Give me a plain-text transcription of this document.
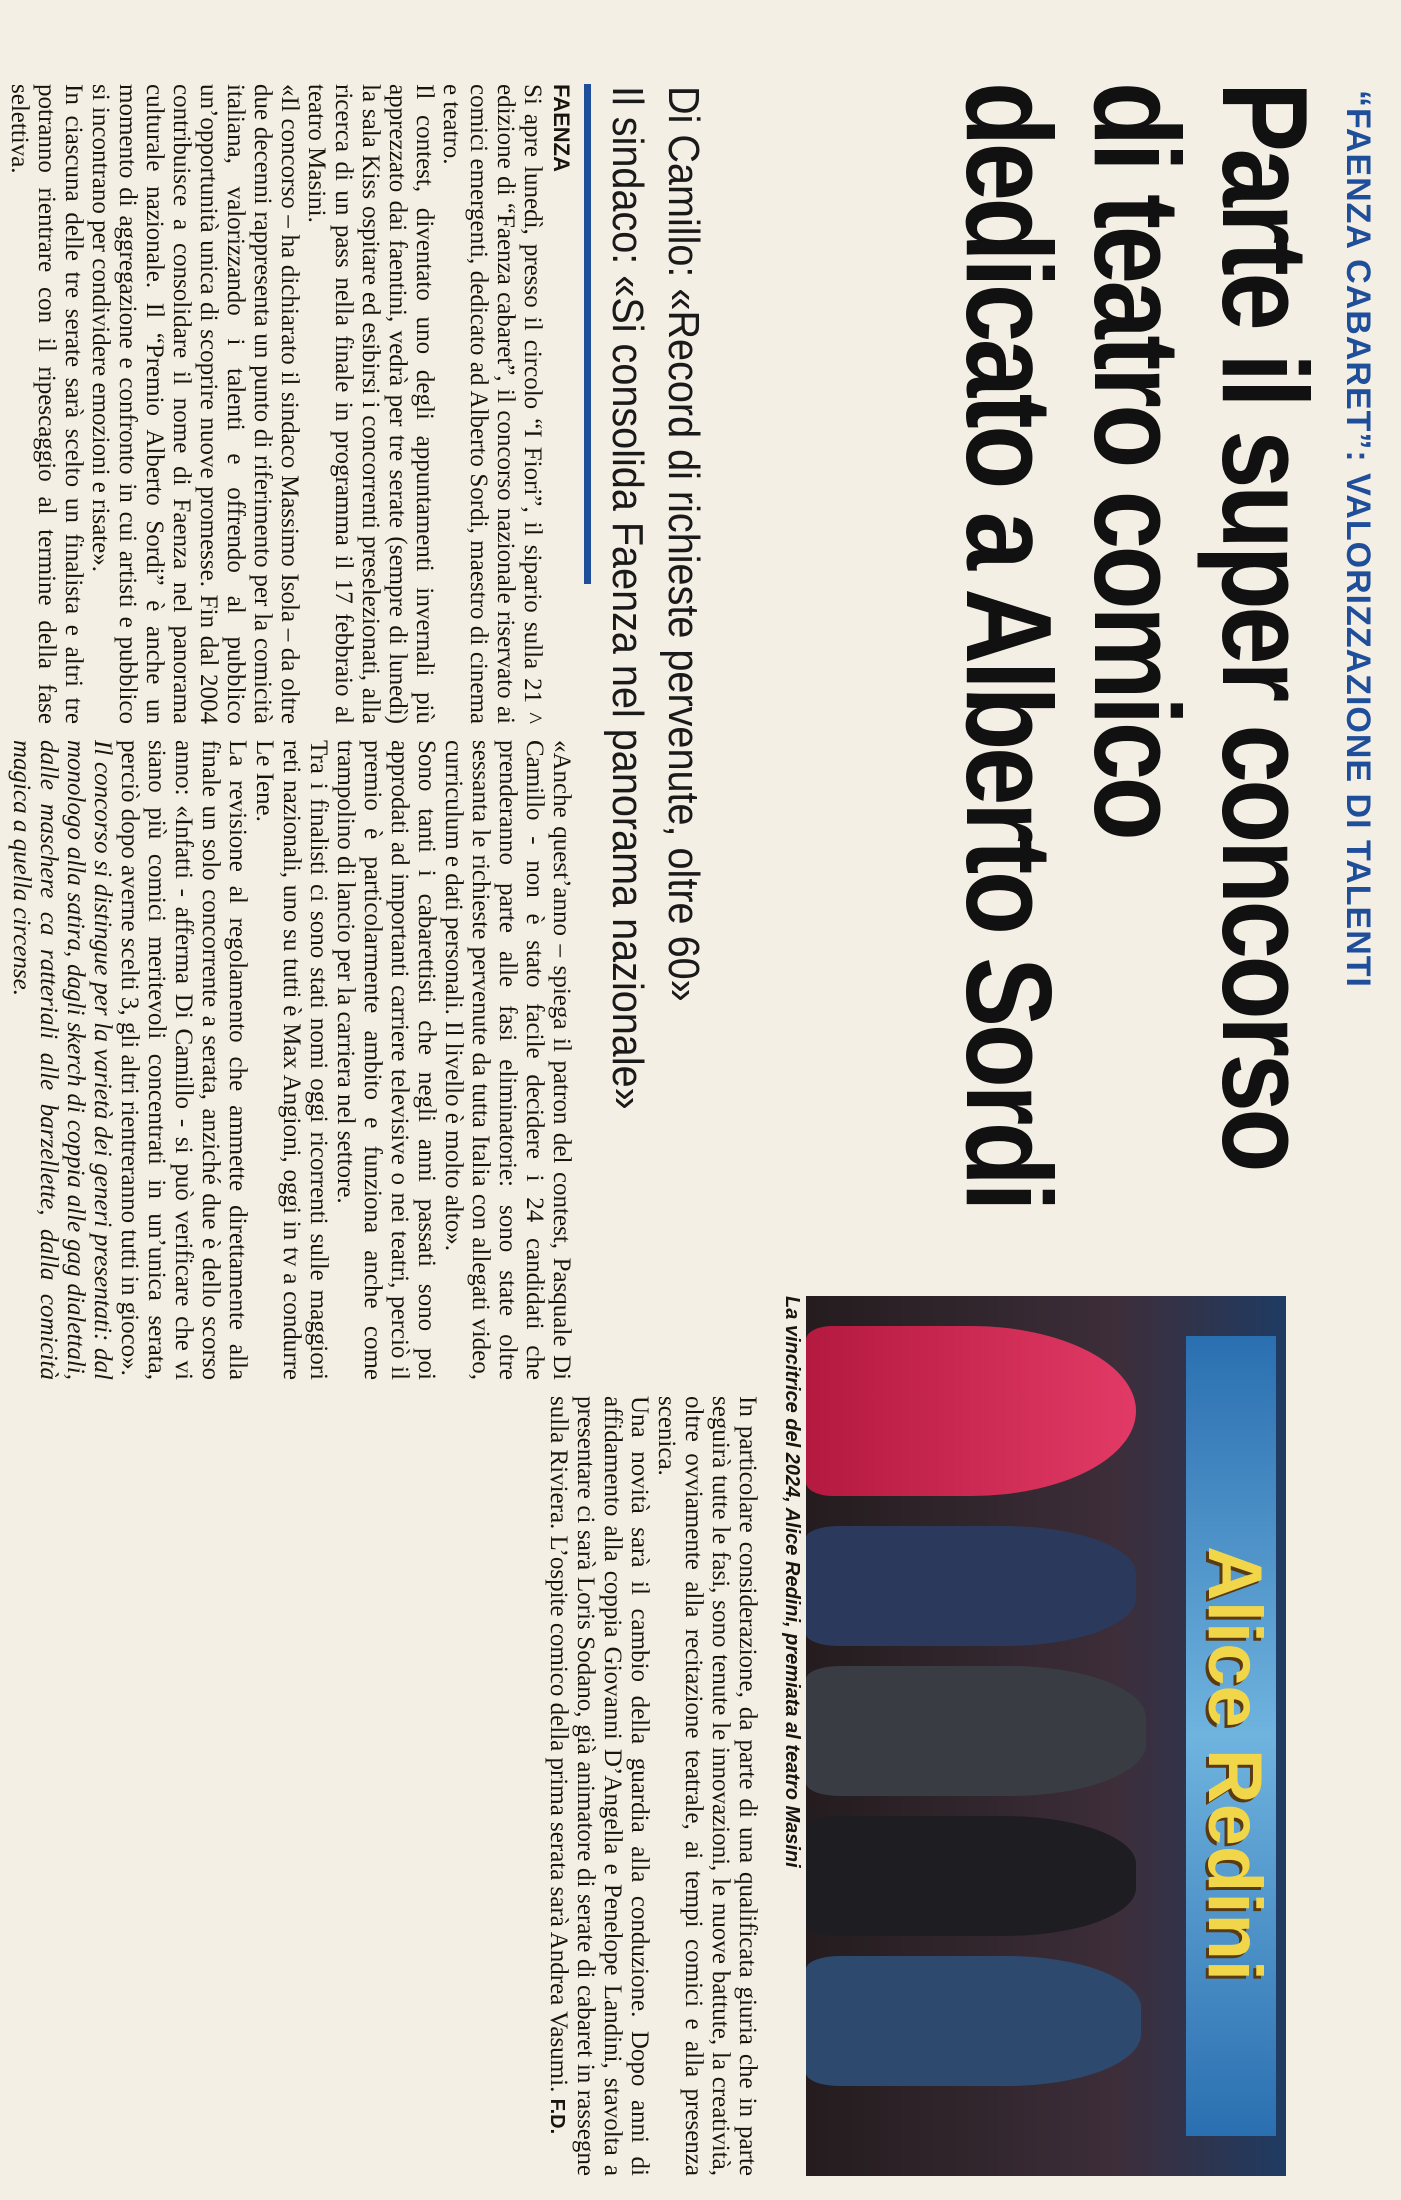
“FAENZA CABARET”: VALORIZZAZIONE DI TALENTI
Parte il super concorso
di teatro comico
dedicato a Alberto Sordi
Di Camillo: «Record di richieste pervenute, oltre 60»
Il sindaco: «Si consolida Faenza nel panorama nazionale»
FAENZA

Si apre lunedì, presso il circolo “I Fiori”, il sipario sulla 21 ^ edizione di “Faenza cabaret”, il concorso nazionale riservato ai comici emergenti, dedicato ad Alberto Sordi, maestro di cinema e teatro.

Il contest, diventato uno degli appuntamenti invernali più apprezzato dai faentini, vedrà per tre serate (sempre di lunedì) la sala Kiss ospitare ed esibirsi i concorrenti preselezionati, alla ricerca di un pass nella finale in programma il 17 febbraio al teatro Masini.

«Il concorso – ha dichiarato il sindaco Massimo Isola – da oltre due decenni rappresenta un punto di riferimento per la comicità italiana, valorizzando i talenti e offrendo al pubblico un’opportunità unica di scoprire nuove promesse. Fin dal 2004 contribuisce a consolidare il nome di Faenza nel panorama culturale nazionale. Il “Premio Alberto Sordi” è anche un momento di aggregazione e confronto in cui artisti e pubblico si incontrano per condividere emozioni e risate».

In ciascuna delle tre serate sarà scelto un finalista e altri tre potranno rientrare con il ripescaggio al termine della fase selettiva.

«Anche quest’anno – spiega il patron del contest, Pasquale Di Camillo - non è stato facile decidere i 24 candidati che prenderanno parte alle fasi eliminatorie: sono state oltre sessanta le richieste pervenute da tutta Italia con allegati video, curriculum e dati personali. Il livello è molto alto».

Sono tanti i cabarettisti che negli anni passati sono poi approdati ad importanti carriere televisive o nei teatri, perciò il premio è particolarmente ambito e funziona anche come trampolino di lancio per la carriera nel settore.

Tra i finalisti ci sono stati nomi oggi ricorrenti sulle maggiori reti nazionali, uno su tutti è Max Angioni, oggi in tv a condurre Le Iene.

La revisione al regolamento che ammette direttamente alla finale un solo concorrente a serata, anziché due è dello scorso anno: «Infatti - afferma Di Camillo - si può verificare che vi siano più comici meritevoli concentrati in un’unica serata, perciò dopo averne scelti 3, gli altri rientreranno tutti in gioco».

Il concorso si distingue per la varietà dei generi presentati: dal monologo alla satira, dagli skerch di coppia alle gag dialettali, dalle maschere ca ratteriali alle barzellette, dalla comicità magica a quella circense.

Alice Redini
La vincitrice del 2024, Alice Redini, premiata al teatro Masini

In particolare considerazione, da parte di una qualificata giuria che in parte seguirà tutte le fasi, sono tenute le innovazioni, le nuove battute, la creatività, oltre ovviamente alla recitazione teatrale, ai tempi comici e alla presenza scenica.

Una novità sarà il cambio della guardia alla conduzione. Dopo anni di affidamento alla coppia Giovanni D’Angella e Penelope Landini, stavolta a presentare ci sarà Loris Sodano, già animatore di serate di cabaret in rassegne sulla Riviera. L’ospite comico della prima serata sarà Andrea Vasumi. F.D.
